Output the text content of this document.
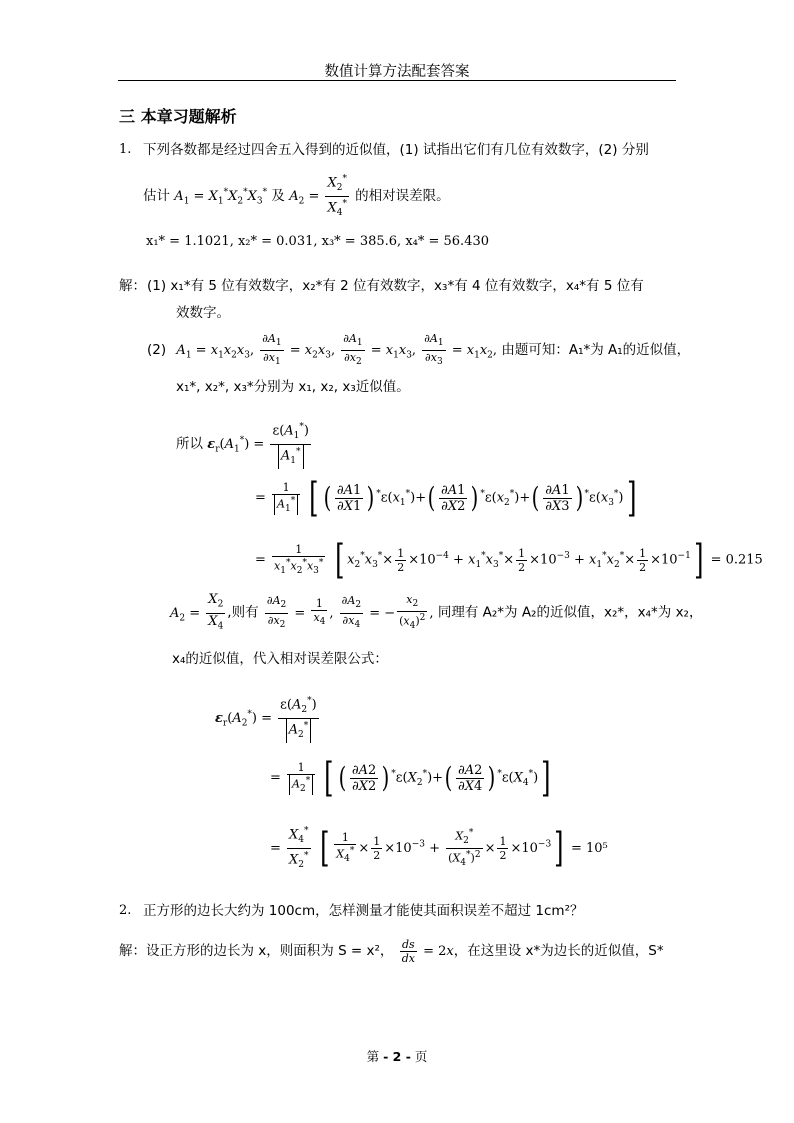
数值计算方法配套答案
三 本章习题解析
1. 下列各数都是经过四舍五入得到的近似值，(1) 试指出它们有几位有效数字，(2) 分别
估计 $A_1 = X_1^*X_2^*X_3^*$ 及 $A_2 = \frac{X_2^*}{X_4^*}$ 的相对误差限。
x₁* = 1.1021, x₂* = 0.031, x₃* = 385.6, x₄* = 56.430
解： (1) x₁*有 5 位有效数字，x₂*有 2 位有效数字，x₃*有 4 位有效数字，x₄*有 5 位有
效数字。
(2) $A_1 = x_1x_2x_3$, $\frac{\partial A_1}{\partial x_1} = x_2x_3$, $\frac{\partial A_1}{\partial x_2} = x_1x_3$, $\frac{\partial A_1}{\partial x_3} = x_1x_2$, 由题可知：A₁*为 A₁的近似值，
x₁*, x₂*, x₃*分别为 x₁, x₂, x₃近似值。
所以 $\varepsilon_r(A_1^*) = \frac{\varepsilon(A_1^*)}{A_1^*}$
= $\frac{1}{A_1^*}$ [ ( $\frac{\partial A1}{\partial X1}$ ) $^*\varepsilon(x_1^*)+( \frac{\partial A1}{\partial X2}$ ) $^*\varepsilon(x_2^*)+( \frac{\partial A1}{\partial X3}$ ) $^*\varepsilon(x_3^*)$]
= $\frac{1}{x_1^*x_2^*x_3^*}$ [ $x_2^*x_3^*\times \frac{1}{2} \times 10^{-4} + x_1^*x_3^*\times \frac{1}{2} \times 10^{-3} + x_1^*x_2^*\times \frac{1}{2} \times 10^{-1}] = 0.215$
$A_2 = \frac{X_2}{X_4}$ ,则有 $\frac{\partial A_2}{\partial x_2} = \frac{1}{x_4}$ , $\frac{\partial A_2}{\partial x_4}$ = − $\frac{x_2}{(x_4)^2}$ , 同理有 A₂*为 A₂的近似值，x₂*，x₄*为 x₂，
x₄的近似值，代入相对误差限公式：
$\varepsilon_r(A_2^*) = \frac{\varepsilon(A_2^*)}{A_2^*}$
= $\frac{1}{A_2^*}$ [ ( $\frac{\partial A2}{\partial X2}$ ) $^*\varepsilon(X_2^*)+( \frac{\partial A2}{\partial X4}$ ) $^*\varepsilon(X_4^*)$]
= $\frac{X_4^*}{X_2^*}$ [ $\frac{1}{X_4^*} \times \frac{1}{2} \times 10^{-3} + \frac{X_2^*}{(X_4^*)^2} \times \frac{1}{2} \times 10^{-3}] = 10^5$
2. 正方形的边长大约为 100cm，怎样测量才能使其面积误差不超过 1cm²？
解：设正方形的边长为 x，则面积为 S = x²， $\frac{ds}{dx} = 2x$，在这里设 x*为边长的近似值，S*
第 - 2 - 页
